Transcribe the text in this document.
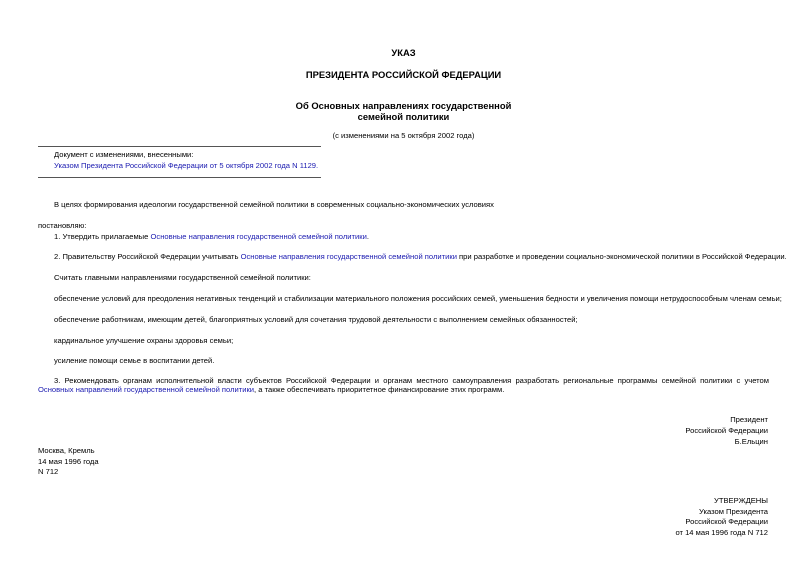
УКАЗ
ПРЕЗИДЕНТА РОССИЙСКОЙ ФЕДЕРАЦИИ
Об Основных направлениях государственной
семейной политики
(с изменениями на 5 октября 2002 года)
Документ с изменениями, внесенными:
Указом Президента Российской Федерации от 5 октября 2002 года N 1129.
В целях формирования идеологии государственной семейной политики в современных социально-экономических условиях
постановляю:
1. Утвердить прилагаемые Основные направления государственной семейной политики.
2. Правительству Российской Федерации учитывать Основные направления государственной семейной политики при разработке и проведении социально-экономической политики в Российской Федерации.
Считать главными направлениями государственной семейной политики:
обеспечение условий для преодоления негативных тенденций и стабилизации материального положения российских семей, уменьшения бедности и увеличения помощи нетрудоспособным членам семьи;
обеспечение работникам, имеющим детей, благоприятных условий для сочетания трудовой деятельности с выполнением семейных обязанностей;
кардинальное улучшение охраны здоровья семьи;
усиление помощи семье в воспитании детей.
3. Рекомендовать органам исполнительной власти субъектов Российской Федерации и органам местного самоуправления разработать региональные программы семейной политики с учетом Основных направлений государственной семейной политики, а также обеспечивать приоритетное финансирование этих программ.
Президент
Российской Федерации
Б.Ельцин
Москва, Кремль
14 мая 1996 года
N 712
УТВЕРЖДЕНЫ
Указом Президента
Российской Федерации
от 14 мая 1996 года N 712
